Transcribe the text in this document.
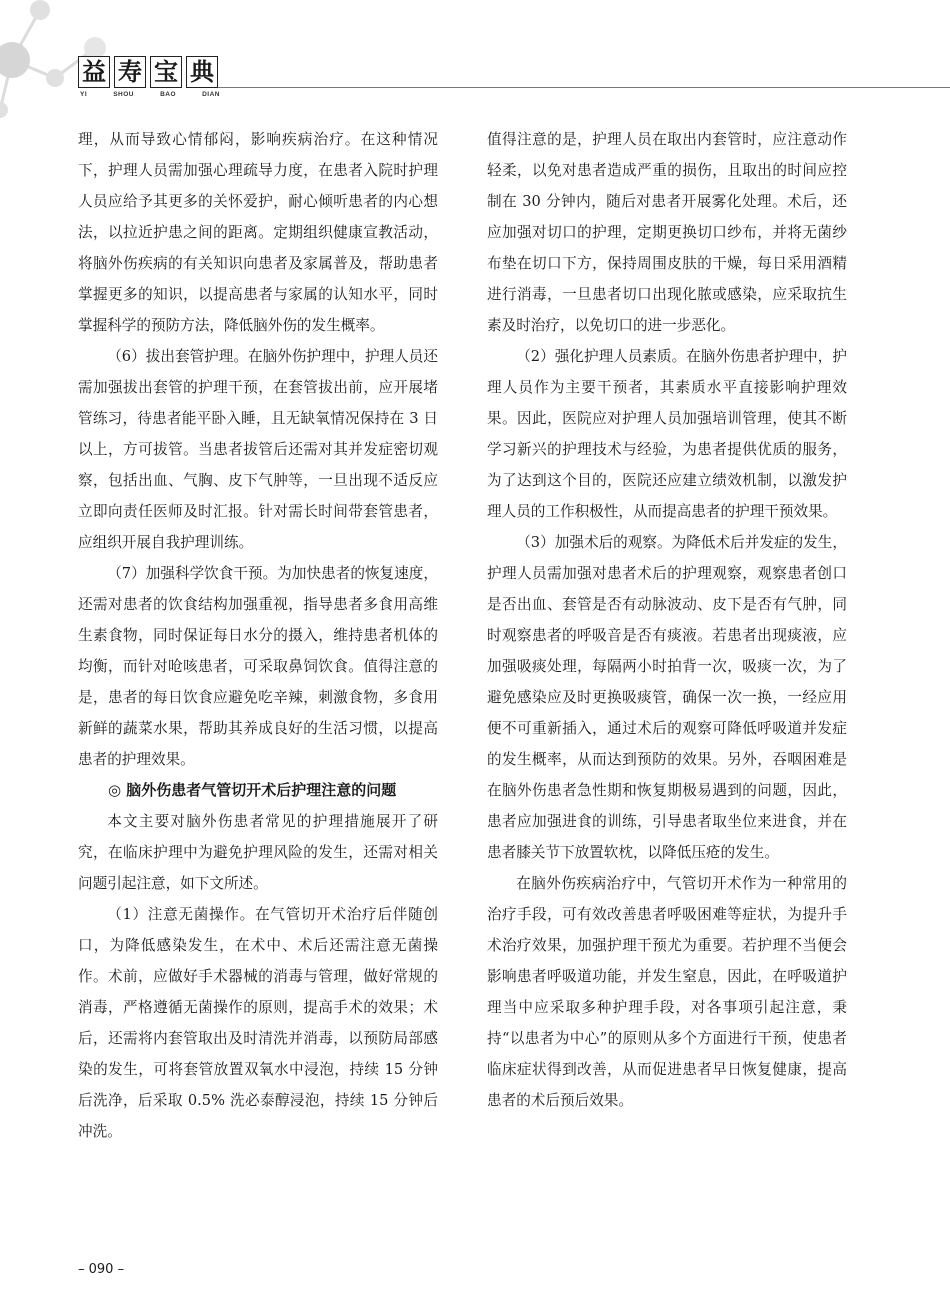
益 寿 宝 典
YI	SHOU	BAO	DIAN

理，从而导致心情郁闷，影响疾病治疗。在这种情况下，护理人员需加强心理疏导力度，在患者入院时护理人员应给予其更多的关怀爱护，耐心倾听患者的内心想法，以拉近护患之间的距离。定期组织健康宣教活动，将脑外伤疾病的有关知识向患者及家属普及，帮助患者掌握更多的知识，以提高患者与家属的认知水平，同时掌握科学的预防方法，降低脑外伤的发生概率。

（6）拔出套管护理。在脑外伤护理中，护理人员还需加强拔出套管的护理干预，在套管拔出前，应开展堵管练习，待患者能平卧入睡，且无缺氧情况保持在 3 日以上，方可拔管。当患者拔管后还需对其并发症密切观察，包括出血、气胸、皮下气肿等，一旦出现不适反应立即向责任医师及时汇报。针对需长时间带套管患者，应组织开展自我护理训练。

（7）加强科学饮食干预。为加快患者的恢复速度，还需对患者的饮食结构加强重视，指导患者多食用高维生素食物，同时保证每日水分的摄入，维持患者机体的均衡，而针对呛咳患者，可采取鼻饲饮食。值得注意的是，患者的每日饮食应避免吃辛辣，刺激食物，多食用新鲜的蔬菜水果，帮助其养成良好的生活习惯，以提高患者的护理效果。

◎ 脑外伤患者气管切开术后护理注意的问题

本文主要对脑外伤患者常见的护理措施展开了研究，在临床护理中为避免护理风险的发生，还需对相关问题引起注意，如下文所述。

（1）注意无菌操作。在气管切开术治疗后伴随创口，为降低感染发生，在术中、术后还需注意无菌操作。术前，应做好手术器械的消毒与管理，做好常规的消毒，严格遵循无菌操作的原则，提高手术的效果；术后，还需将内套管取出及时清洗并消毒，以预防局部感染的发生，可将套管放置双氧水中浸泡，持续 15 分钟后洗净，后采取 0.5% 洗必泰醇浸泡，持续 15 分钟后冲洗。

值得注意的是，护理人员在取出内套管时，应注意动作轻柔，以免对患者造成严重的损伤，且取出的时间应控制在 30 分钟内，随后对患者开展雾化处理。术后，还应加强对切口的护理，定期更换切口纱布，并将无菌纱布垫在切口下方，保持周围皮肤的干燥，每日采用酒精进行消毒，一旦患者切口出现化脓或感染，应采取抗生素及时治疗，以免切口的进一步恶化。

（2）强化护理人员素质。在脑外伤患者护理中，护理人员作为主要干预者，其素质水平直接影响护理效果。因此，医院应对护理人员加强培训管理，使其不断学习新兴的护理技术与经验，为患者提供优质的服务，为了达到这个目的，医院还应建立绩效机制，以激发护理人员的工作积极性，从而提高患者的护理干预效果。

（3）加强术后的观察。为降低术后并发症的发生，护理人员需加强对患者术后的护理观察，观察患者创口是否出血、套管是否有动脉波动、皮下是否有气肿，同时观察患者的呼吸音是否有痰液。若患者出现痰液，应加强吸痰处理，每隔两小时拍背一次，吸痰一次，为了避免感染应及时更换吸痰管，确保一次一换，一经应用便不可重新插入，通过术后的观察可降低呼吸道并发症的发生概率，从而达到预防的效果。另外，吞咽困难是在脑外伤患者急性期和恢复期极易遇到的问题，因此，患者应加强进食的训练，引导患者取坐位来进食，并在患者膝关节下放置软枕，以降低压疮的发生。

在脑外伤疾病治疗中，气管切开术作为一种常用的治疗手段，可有效改善患者呼吸困难等症状，为提升手术治疗效果，加强护理干预尤为重要。若护理不当便会影响患者呼吸道功能，并发生窒息，因此，在呼吸道护理当中应采取多种护理手段，对各事项引起注意，秉持“以患者为中心”的原则从多个方面进行干预，使患者临床症状得到改善，从而促进患者早日恢复健康，提高患者的术后预后效果。

– 090 –
